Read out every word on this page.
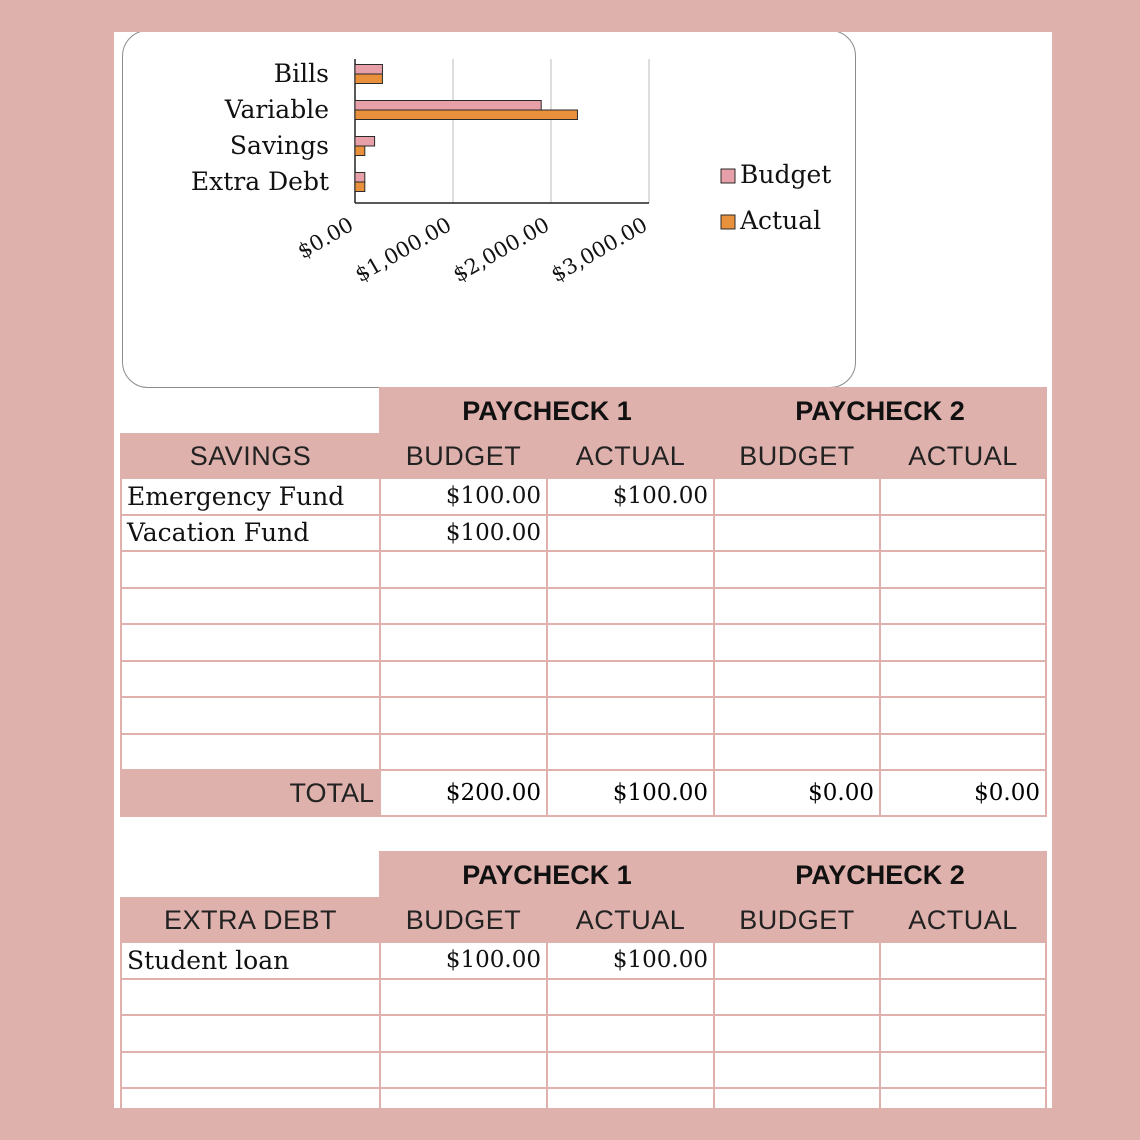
Bills
Variable
Savings
Extra Debt
$0.00
$1,000.00
$2,000.00
$3,000.00
Budget
Actual
	PAYCHECK 1		PAYCHECK 2	
SAVINGS	BUDGET	ACTUAL	BUDGET	ACTUAL
Emergency Fund	$100.00	$100.00		
Vacation Fund	$100.00			

TOTAL	$200.00	$100.00	$0.00	$0.00
	PAYCHECK 1		PAYCHECK 2	
EXTRA DEBT	BUDGET	ACTUAL	BUDGET	ACTUAL
Student loan	$100.00	$100.00		
